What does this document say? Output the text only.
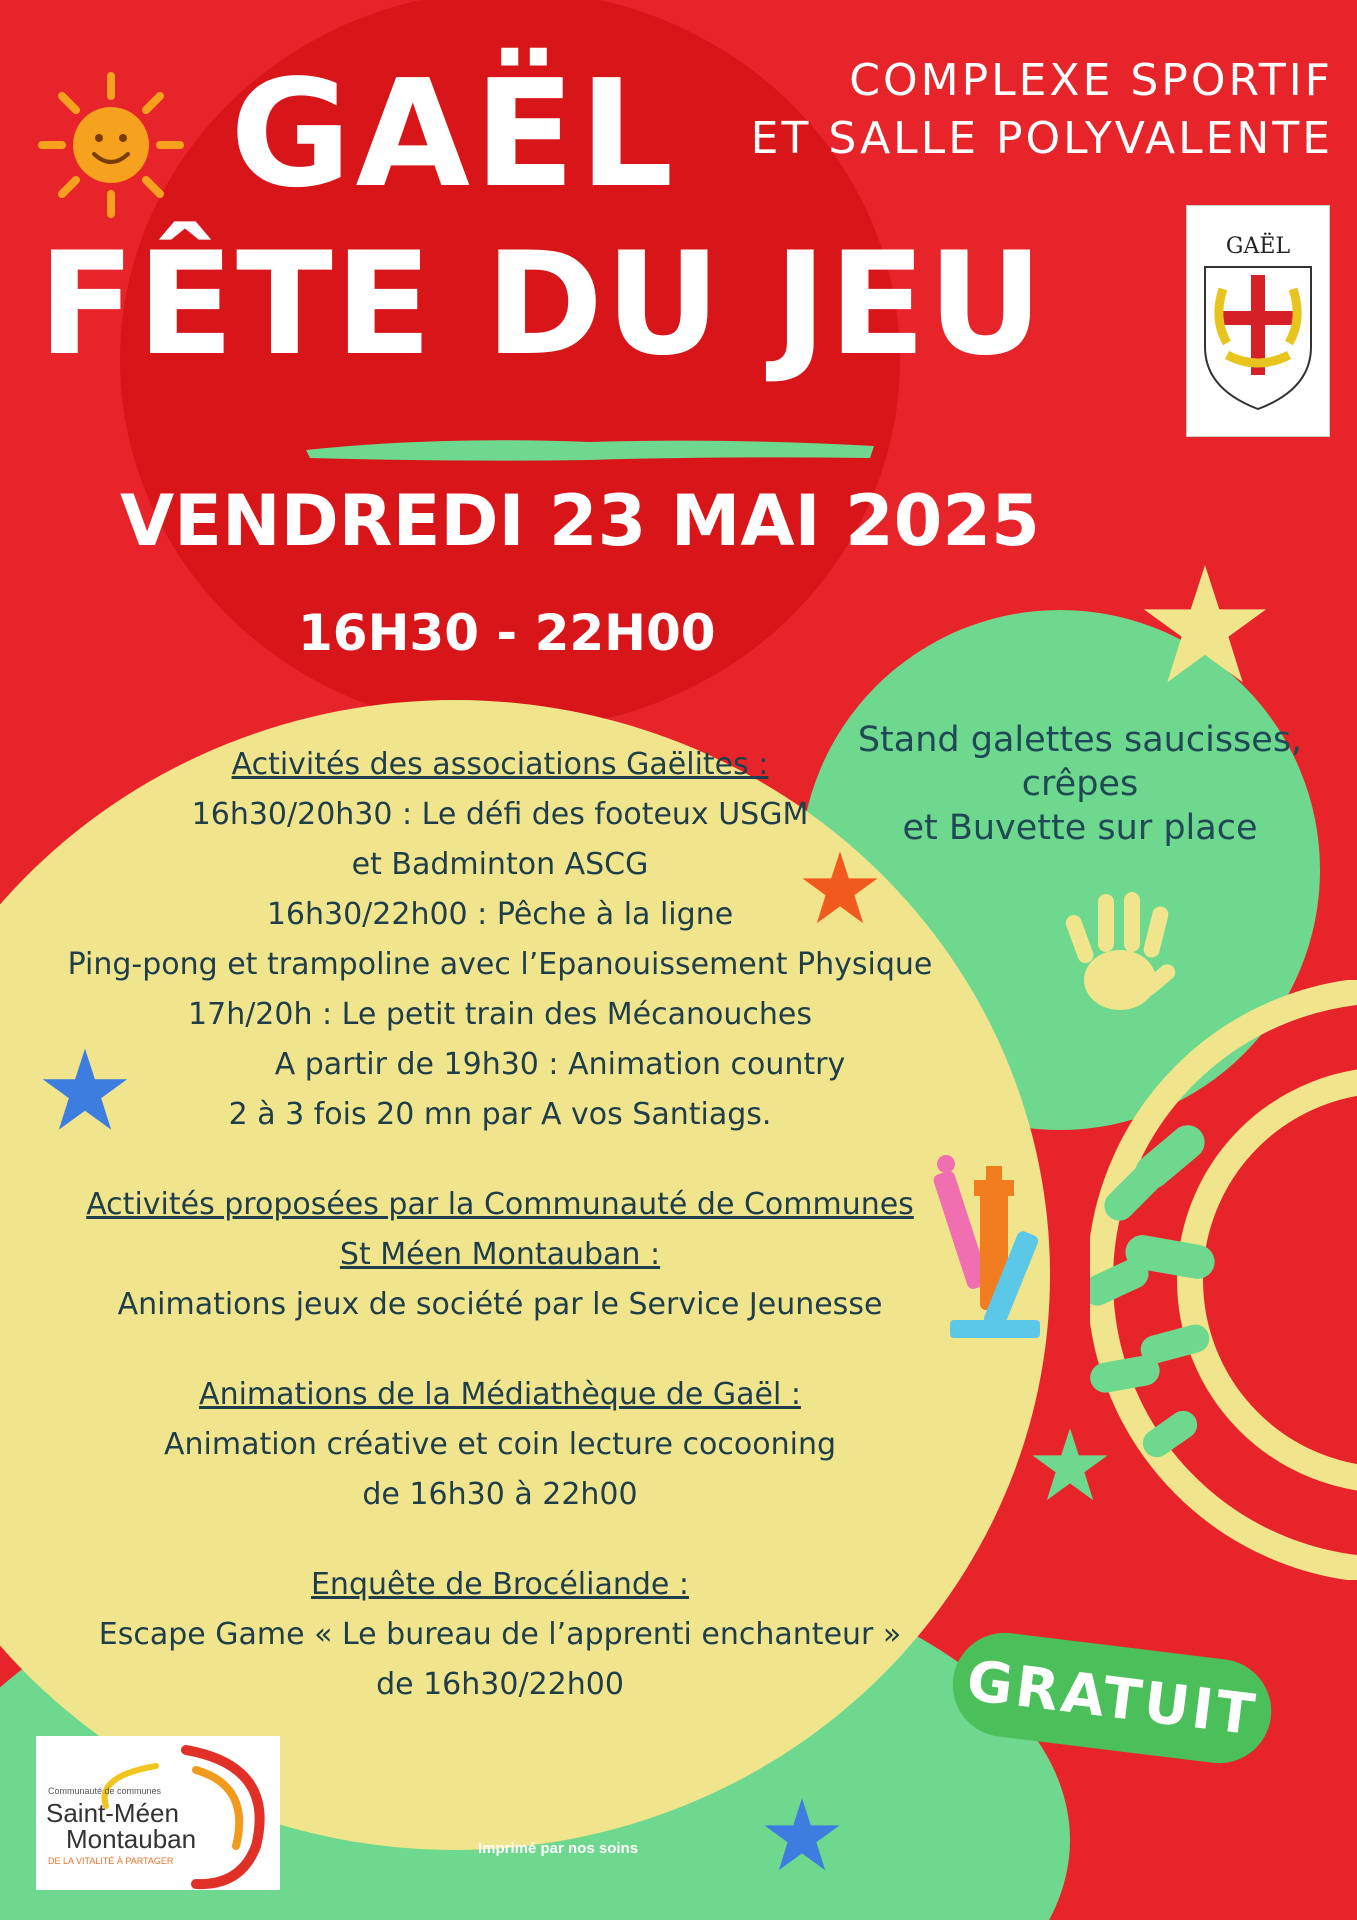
COMPLEXE SPORTIF
ET SALLE POLYVALENTE
GAËL
GAËL
FÊTE DU JEU
VENDREDI 23 MAI 2025
16H30 - 22H00
Stand galettes saucisses,
crêpes
et Buvette sur place
Activités des associations Gaëlites :
16h30/20h30 : Le défi des footeux USGM
et Badminton ASCG
16h30/22h00 : Pêche à la ligne
Ping-pong et trampoline avec l’Epanouissement Physique
17h/20h : Le petit train des Mécanouches
A partir de 19h30 : Animation country
2 à 3 fois 20 mn par A vos Santiags.
Activités proposées par la Communauté de Communes
St Méen Montauban :
Animations jeux de société par le Service Jeunesse
Animations de la Médiathèque de Gaël :
Animation créative et coin lecture cocooning
de 16h30 à 22h00
Enquête de Brocéliande :
Escape Game « Le bureau de l’apprenti enchanteur »
de 16h30/22h00	GRATUIT
Communauté de communes
Saint-Méen
Montauban
DE LA VITALITÉ À PARTAGER
Imprimé par nos soins
